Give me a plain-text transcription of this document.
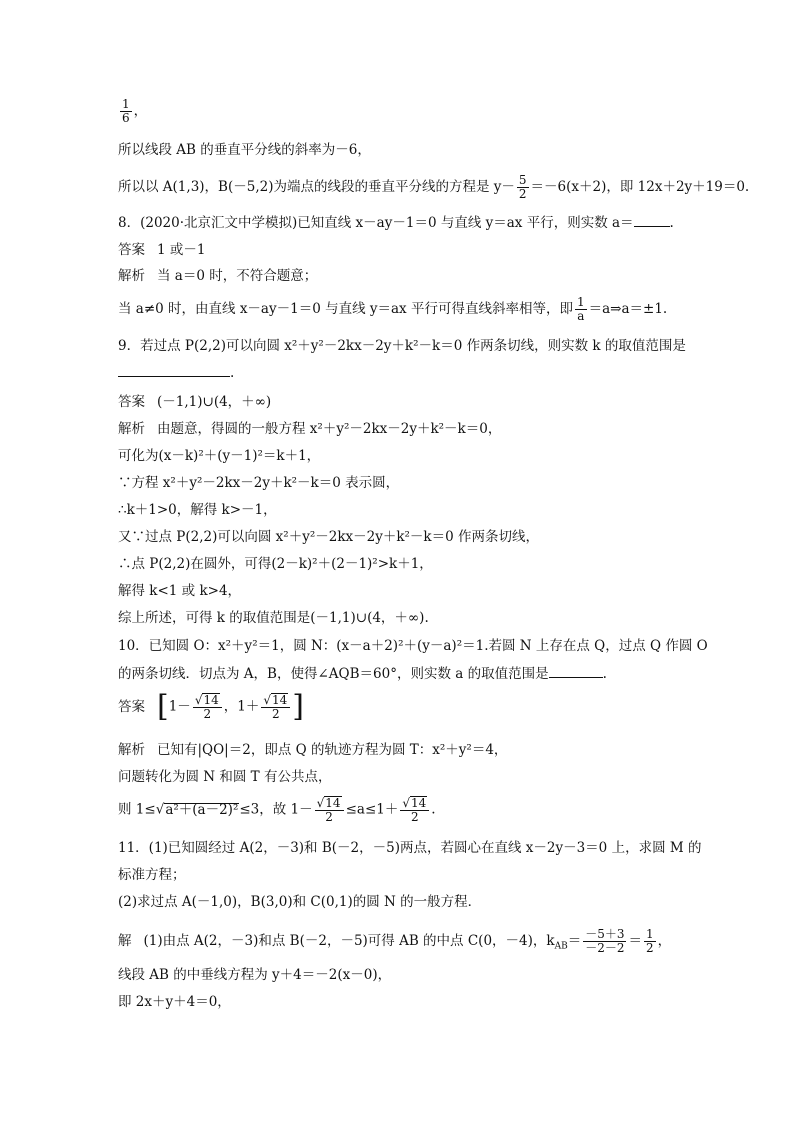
$\frac{1}{6}$ ，
所以线段 AB 的垂直平分线的斜率为－6，
所以以 A(1,3)，B(－5,2)为端点的线段的垂直平分线的方程是 $y- \frac{5}{2} =-6(x+2)$，即 12x＋2y＋19＝0.
8．(2020·北京汇文中学模拟)已知直线 x－ay－1＝0 与直线 y＝ax 平行，则实数 a＝	.
答案 1 或－1
解析 当 a＝0 时，不符合题意；
当 a≠0 时，由直线 x－ay－1＝0 与直线 y＝ax 平行可得直线斜率相等，即 $\frac{1}{a}$ ＝a⇒a＝±1.
9．若过点 P(2,2)可以向圆 x²＋y²－2kx－2y＋k²－k＝0 作两条切线，则实数 k 的取值范围是
.
答案 (－1,1)∪(4，＋∞)
解析 由题意，得圆的一般方程 x²＋y²－2kx－2y＋k²－k＝0，
可化为(x－k)²＋(y－1)²＝k＋1，
∵方程 x²＋y²－2kx－2y＋k²－k＝0 表示圆，
∴k＋1>0，解得 k>－1，
又∵过点 P(2,2)可以向圆 x²＋y²－2kx－2y＋k²－k＝0 作两条切线，
∴点 P(2,2)在圆外，可得(2－k)²＋(2－1)²>k＋1，
解得 k<1 或 k>4，
综上所述，可得 k 的取值范围是(－1,1)∪(4，＋∞).
10．已知圆 O：x²＋y²＝1，圆 N：(x－a＋2)²＋(y－a)²＝1.若圆 N 上存在点 Q，过点 Q 作圆 O
的两条切线．切点为 A，B，使得∠AQB＝60°，则实数 a 的取值范围是	.
答案 [$1- \frac{√14}{2}$ ，$1+ \frac{√14}{2}$ ]
解析 已知有|QO|＝2，即点 Q 的轨迹方程为圆 T：x²＋y²＝4，
问题转化为圆 N 和圆 T 有公共点，
则 1≤√a²＋(a－2)²≤3，故 $1- \frac{√14}{2} \le a\le 1+ \frac{√14}{2}$ .
11．(1)已知圆经过 A(2，－3)和 B(－2，－5)两点，若圆心在直线 x－2y－3＝0 上，求圆 M 的
标准方程；
(2)求过点 A(－1,0)，B(3,0)和 C(0,1)的圆 N 的一般方程．
解 (1)由点 A(2，－3)和点 B(－2，－5)可得 AB 的中点 C(0，－4)，$k_{AB}= \frac{-5+3}{-2-2} = \frac{1}{2}$ ，
线段 AB 的中垂线方程为 y＋4＝－2(x－0)，
即 2x＋y＋4＝0，
